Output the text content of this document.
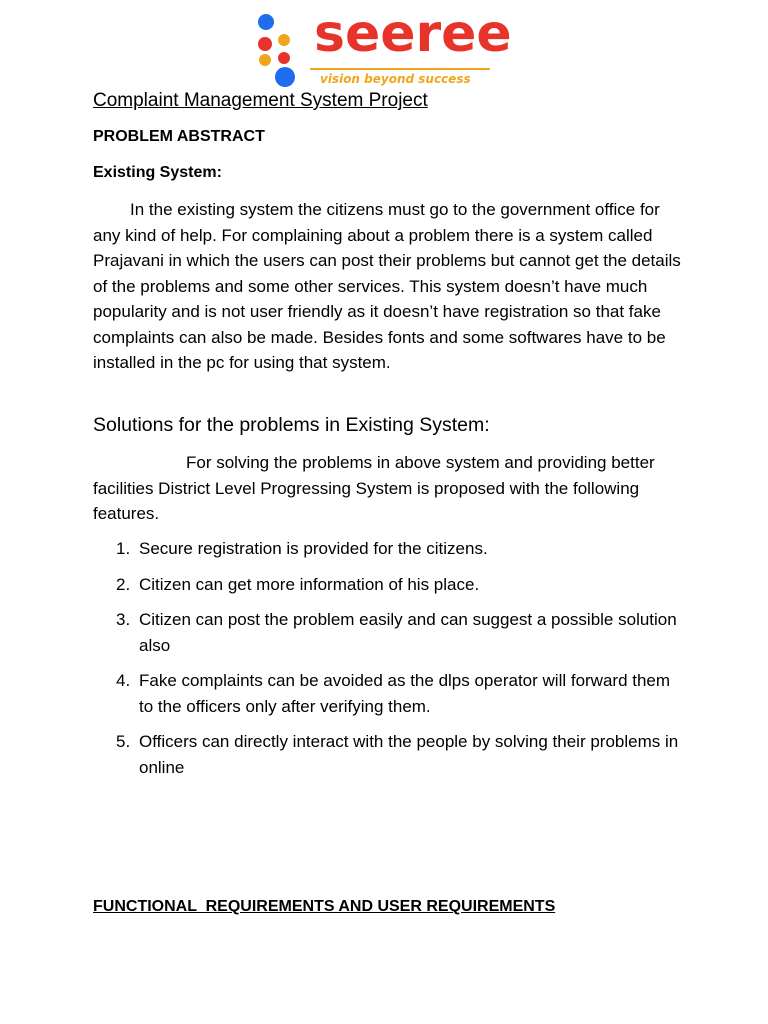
seeree
vision beyond success
Complaint Management System Project
PROBLEM ABSTRACT
Existing System:
In the existing system the citizens must go to the government office for any kind of help. For complaining about a problem there is a system called Prajavani in which the users can post their problems but cannot get the details of the problems and some other services. This system doesn’t have much popularity and is not user friendly as it doesn’t have registration so that fake complaints can also be made. Besides fonts and some softwares have to be installed in the pc for using that system.
Solutions for the problems in Existing System:
For solving the problems in above system and providing better facilities District Level Progressing System is proposed with the following features.
1. Secure registration is provided for the citizens.
2. Citizen can get more information of his place.
3. Citizen can post the problem easily and can suggest a possible solution also
4. Fake complaints can be avoided as the dlps operator will forward them to the officers only after verifying them.
5. Officers can directly interact with the people by solving their problems in online
FUNCTIONAL  REQUIREMENTS AND USER REQUIREMENTS
